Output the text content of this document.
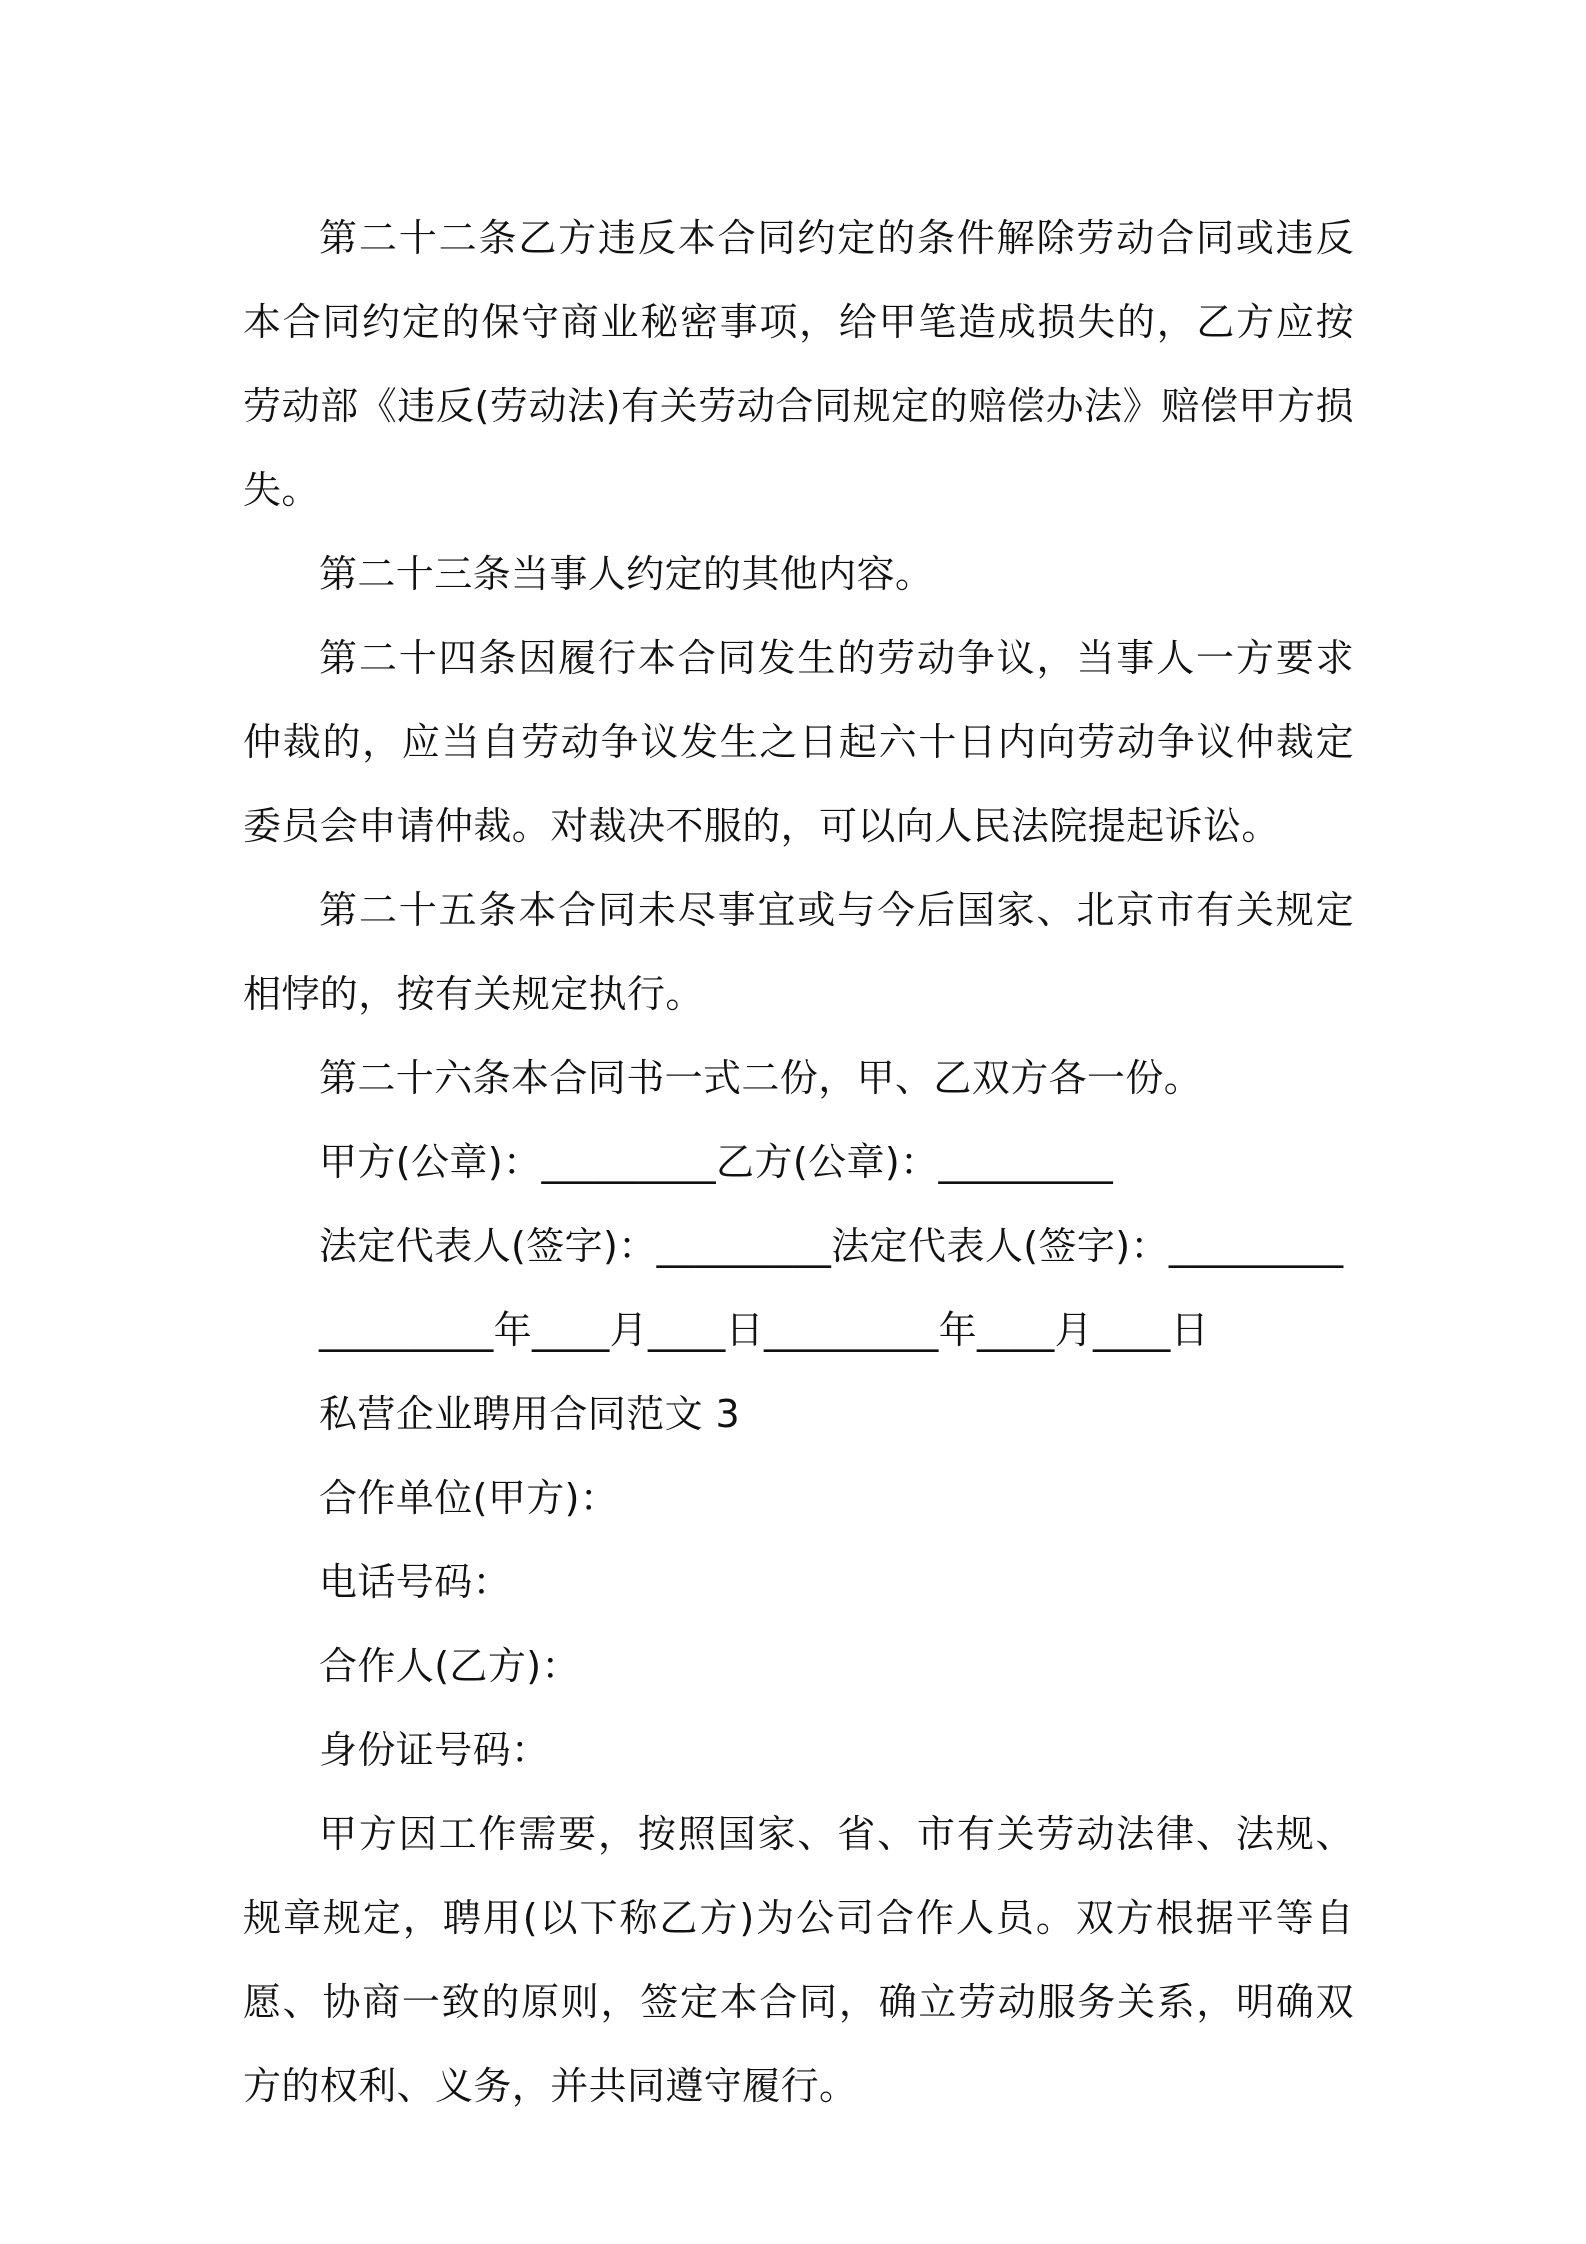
第二十二条乙方违反本合同约定的条件解除劳动合同或违反本合同约定的保守商业秘密事项，给甲笔造成损失的，乙方应按劳动部《违反(劳动法)有关劳动合同规定的赔偿办法》赔偿甲方损失。

第二十三条当事人约定的其他内容。

第二十四条因履行本合同发生的劳动争议，当事人一方要求仲裁的，应当自劳动争议发生之日起六十日内向劳动争议仲裁定委员会申请仲裁。对裁决不服的，可以向人民法院提起诉讼。

第二十五条本合同未尽事宜或与今后国家、北京市有关规定相悖的，按有关规定执行。

第二十六条本合同书一式二份，甲、乙双方各一份。

甲方(公章)：_________乙方(公章)：_________

法定代表人(签字)：_________法定代表人(签字)：_________

_________年____月____日_________年____月____日

私营企业聘用合同范文 3

合作单位(甲方)：

电话号码：

合作人(乙方)：

身份证号码：

甲方因工作需要，按照国家、省、市有关劳动法律、法规、规章规定，聘用(以下称乙方)为公司合作人员。双方根据平等自愿、协商一致的原则，签定本合同，确立劳动服务关系，明确双方的权利、义务，并共同遵守履行。
